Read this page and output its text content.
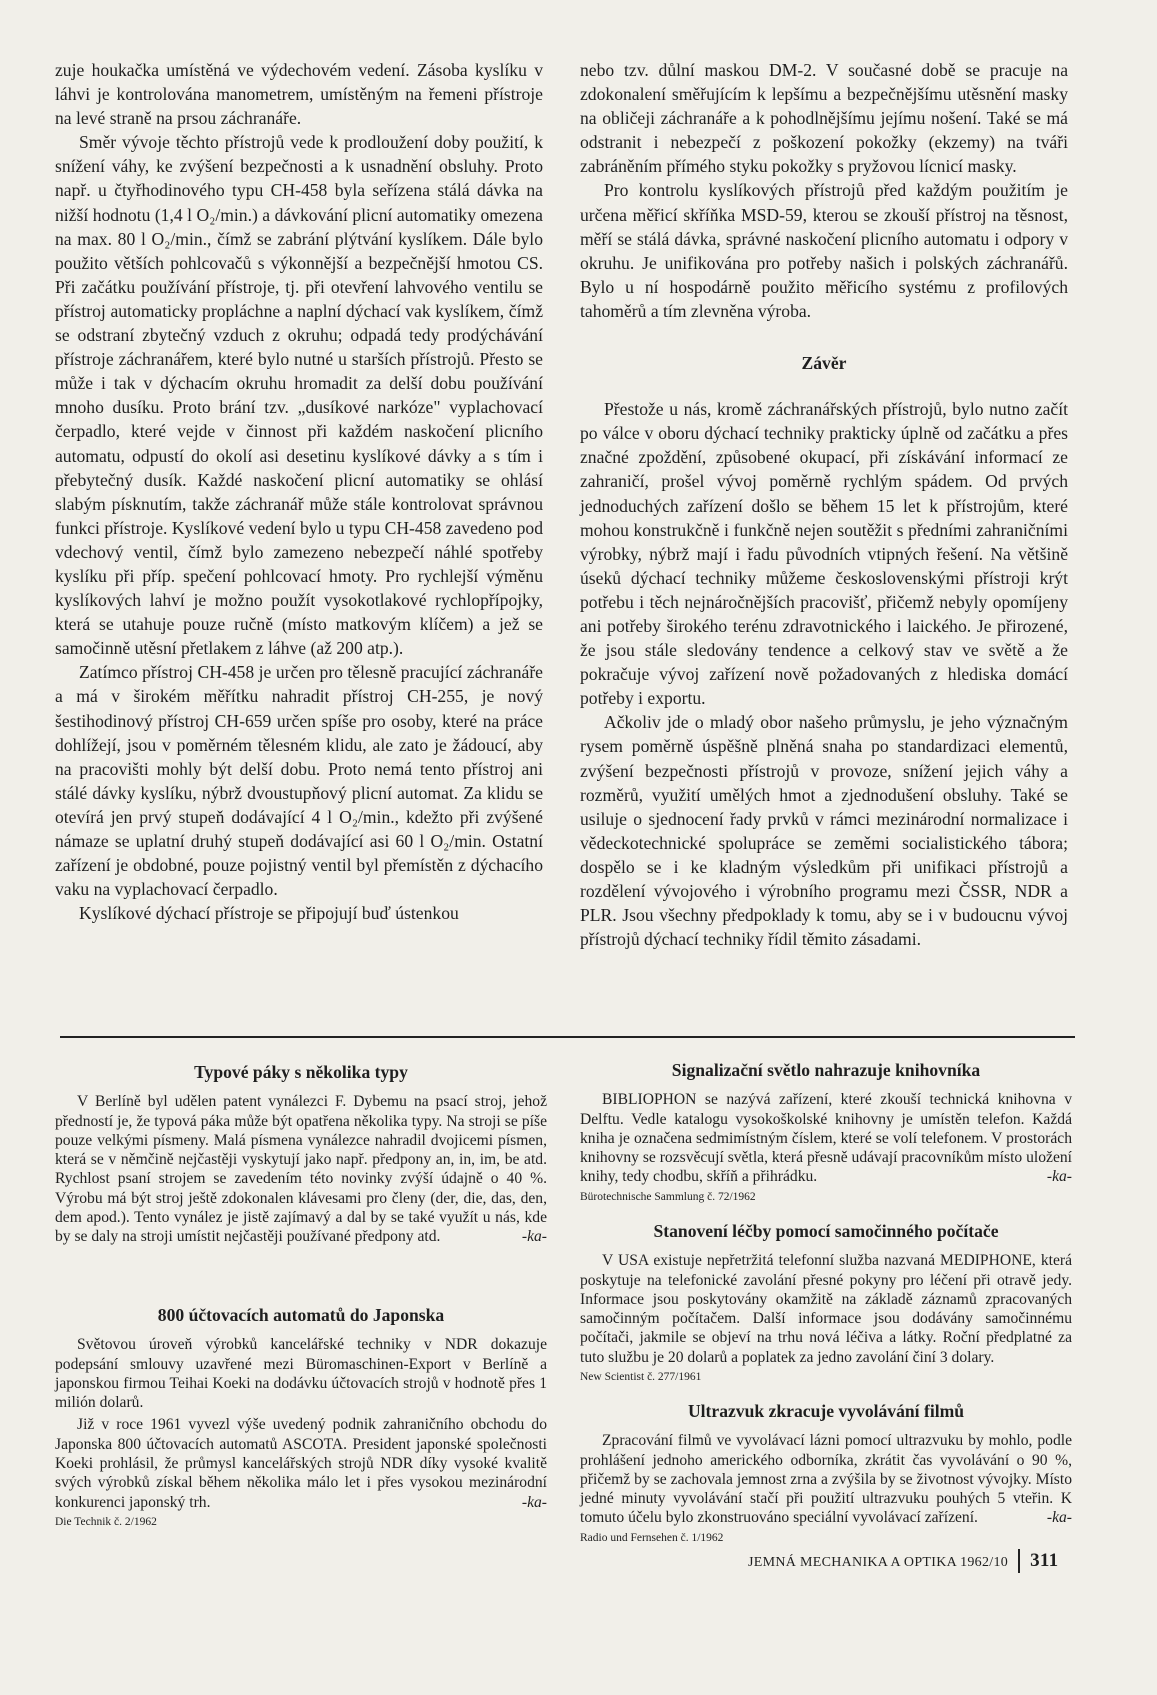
zuje houkačka umístěná ve výdechovém vedení. Zásoba kyslíku v láhvi je kontrolována manometrem, umístěným na řemeni přístroje na levé straně na prsou záchranáře.

Směr vývoje těchto přístrojů vede k prodloužení doby použití, k snížení váhy, ke zvýšení bezpečnosti a k usnadnění obsluhy. Proto např. u čtyřhodinového typu CH-458 byla seřízena stálá dávka na nižší hodnotu (1,4 l O₂/min.) a dávkování plicní automatiky omezena na max. 80 l O₂/min., čímž se zabrání plýtvání kyslíkem. Dále bylo použito větších pohlcovačů s výkonnější a bezpečnější hmotou CS. Při začátku používání přístroje, tj. při otevření lahvového ventilu se přístroj automaticky propláchne a naplní dýchací vak kyslíkem, čímž se odstraní zbytečný vzduch z okruhu; odpadá tedy prodýchávání přístroje záchranářem, které bylo nutné u starších přístrojů. Přesto se může i tak v dýchacím okruhu hromadit za delší dobu používání mnoho dusíku. Proto brání tzv. „dusíkové narkóze" vyplachovací čerpadlo, které vejde v činnost při každém naskočení plicního automatu, odpustí do okolí asi desetinu kyslíkové dávky a s tím i přebytečný dusík. Každé naskočení plicní automatiky se ohlásí slabým písknutím, takže záchranář může stále kontrolovat správnou funkci přístroje. Kyslíkové vedení bylo u typu CH-458 zavedeno pod vdechový ventil, čímž bylo zamezeno nebezpečí náhlé spotřeby kyslíku při příp. spečení pohlcovací hmoty. Pro rychlejší výměnu kyslíkových lahví je možno použít vysokotlakové rychlopřípojky, která se utahuje pouze ručně (místo matkovým klíčem) a jež se samočinně utěsní přetlakem z láhve (až 200 atp.).

Zatímco přístroj CH-458 je určen pro tělesně pracující záchranáře a má v širokém měřítku nahradit přístroj CH-255, je nový šestihodinový přístroj CH-659 určen spíše pro osoby, které na práce dohlížejí, jsou v poměrném tělesném klidu, ale zato je žádoucí, aby na pracovišti mohly být delší dobu. Proto nemá tento přístroj ani stálé dávky kyslíku, nýbrž dvoustupňový plicní automat. Za klidu se otevírá jen prvý stupeň dodávající 4 l O₂/min., kdežto při zvýšené námaze se uplatní druhý stupeň dodávající asi 60 l O₂/min. Ostatní zařízení je obdobné, pouze pojistný ventil byl přemístěn z dýchacího vaku na vyplachovací čerpadlo.

Kyslíkové dýchací přístroje se připojují buď ústenkou

nebo tzv. důlní maskou DM-2. V současné době se pracuje na zdokonalení směřujícím k lepšímu a bezpečnějšímu utěsnění masky na obličeji záchranáře a k pohodlnějšímu jejímu nošení. Také se má odstranit i nebezpečí z poškození pokožky (ekzemy) na tváři zabráněním přímého styku pokožky s pryžovou lícnicí masky.

Pro kontrolu kyslíkových přístrojů před každým použitím je určena měřicí skříňka MSD-59, kterou se zkouší přístroj na těsnost, měří se stálá dávka, správné naskočení plicního automatu i odpory v okruhu. Je unifikována pro potřeby našich i polských záchranářů. Bylo u ní hospodárně použito měřicího systému z profilových tahoměrů a tím zlevněna výroba.

Závěr

Přestože u nás, kromě záchranářských přístrojů, bylo nutno začít po válce v oboru dýchací techniky prakticky úplně od začátku a přes značné zpoždění, způsobené okupací, při získávání informací ze zahraničí, prošel vývoj poměrně rychlým spádem. Od prvých jednoduchých zařízení došlo se během 15 let k přístrojům, které mohou konstrukčně i funkčně nejen soutěžit s předními zahraničními výrobky, nýbrž mají i řadu původních vtipných řešení. Na většině úseků dýchací techniky můžeme československými přístroji krýt potřebu i těch nejnáročnějších pracovišť, přičemž nebyly opomíjeny ani potřeby širokého terénu zdravotnického i laického. Je přirozené, že jsou stále sledovány tendence a celkový stav ve světě a že pokračuje vývoj zařízení nově požadovaných z hlediska domácí potřeby i exportu.

Ačkoliv jde o mladý obor našeho průmyslu, je jeho význačným rysem poměrně úspěšně plněná snaha po standardizaci elementů, zvýšení bezpečnosti přístrojů v provoze, snížení jejich váhy a rozměrů, využití umělých hmot a zjednodušení obsluhy. Také se usiluje o sjednocení řady prvků v rámci mezinárodní normalizace i vědeckotechnické spolupráce se zeměmi socialistického tábora; dospělo se i ke kladným výsledkům při unifikaci přístrojů a rozdělení vývojového i výrobního programu mezi ČSSR, NDR a PLR. Jsou všechny předpoklady k tomu, aby se i v budoucnu vývoj přístrojů dýchací techniky řídil těmito zásadami.

Typové páky s několika typy

V Berlíně byl udělen patent vynálezci F. Dybemu na psací stroj, jehož předností je, že typová páka může být opatřena několika typy. Na stroji se píše pouze velkými písmeny. Malá písmena vynálezce nahradil dvojicemi písmen, která se v němčině nejčastěji vyskytují jako např. předpony an, in, im, be atd. Rychlost psaní strojem se zavedením této novinky zvýší údajně o 40 %. Výrobu má být stroj ještě zdokonalen klávesami pro členy (der, die, das, den, dem apod.). Tento vynález je jistě zajímavý a dal by se také využít u nás, kde by se daly na stroji umístit nejčastěji používané předpony atd.	-ka-

800 účtovacích automatů do Japonska

Světovou úroveň výrobků kancelářské techniky v NDR dokazuje podepsání smlouvy uzavřené mezi Büromaschinen-Export v Berlíně a japonskou firmou Teihai Koeki na dodávku účtovacích strojů v hodnotě přes 1 milión dolarů.

Již v roce 1961 vyvezl výše uvedený podnik zahraničního obchodu do Japonska 800 účtovacích automatů ASCOTA. President japonské společnosti Koeki prohlásil, že průmysl kancelářských strojů NDR díky vysoké kvalitě svých výrobků získal během několika málo let i přes vysokou mezinárodní konkurenci japonský trh.	-ka-

Die Technik č. 2/1962
Signalizační světlo nahrazuje knihovníka

BIBLIOPHON se nazývá zařízení, které zkouší technická knihovna v Delftu. Vedle katalogu vysokoškolské knihovny je umístěn telefon. Každá kniha je označena sedmimístným číslem, které se volí telefonem. V prostorách knihovny se rozsvěcují světla, která přesně udávají pracovníkům místo uložení knihy, tedy chodbu, skříň a přihrádku.	-ka-

Bürotechnische Sammlung č. 72/1962
Stanovení léčby pomocí samočinného počítače

V USA existuje nepřetržitá telefonní služba nazvaná MEDIPHONE, která poskytuje na telefonické zavolání přesné pokyny pro léčení při otravě jedy. Informace jsou poskytovány okamžitě na základě záznamů zpracovaných samočinným počítačem. Další informace jsou dodávány samočinnému počítači, jakmile se objeví na trhu nová léčiva a látky. Roční předplatné za tuto službu je 20 dolarů a poplatek za jedno zavolání činí 3 dolary.

New Scientist č. 277/1961
Ultrazvuk zkracuje vyvolávání filmů

Zpracování filmů ve vyvolávací lázni pomocí ultrazvuku by mohlo, podle prohlášení jednoho amerického odborníka, zkrátit čas vyvolávání o 90 %, přičemž by se zachovala jemnost zrna a zvýšila by se životnost vývojky. Místo jedné minuty vyvolávání stačí při použití ultrazvuku pouhých 5 vteřin. K tomuto účelu bylo zkonstruováno speciální vyvolávací zařízení.	-ka-

Radio und Fernsehen č. 1/1962
JEMNÁ MECHANIKA A OPTIKA 1962/10 311
